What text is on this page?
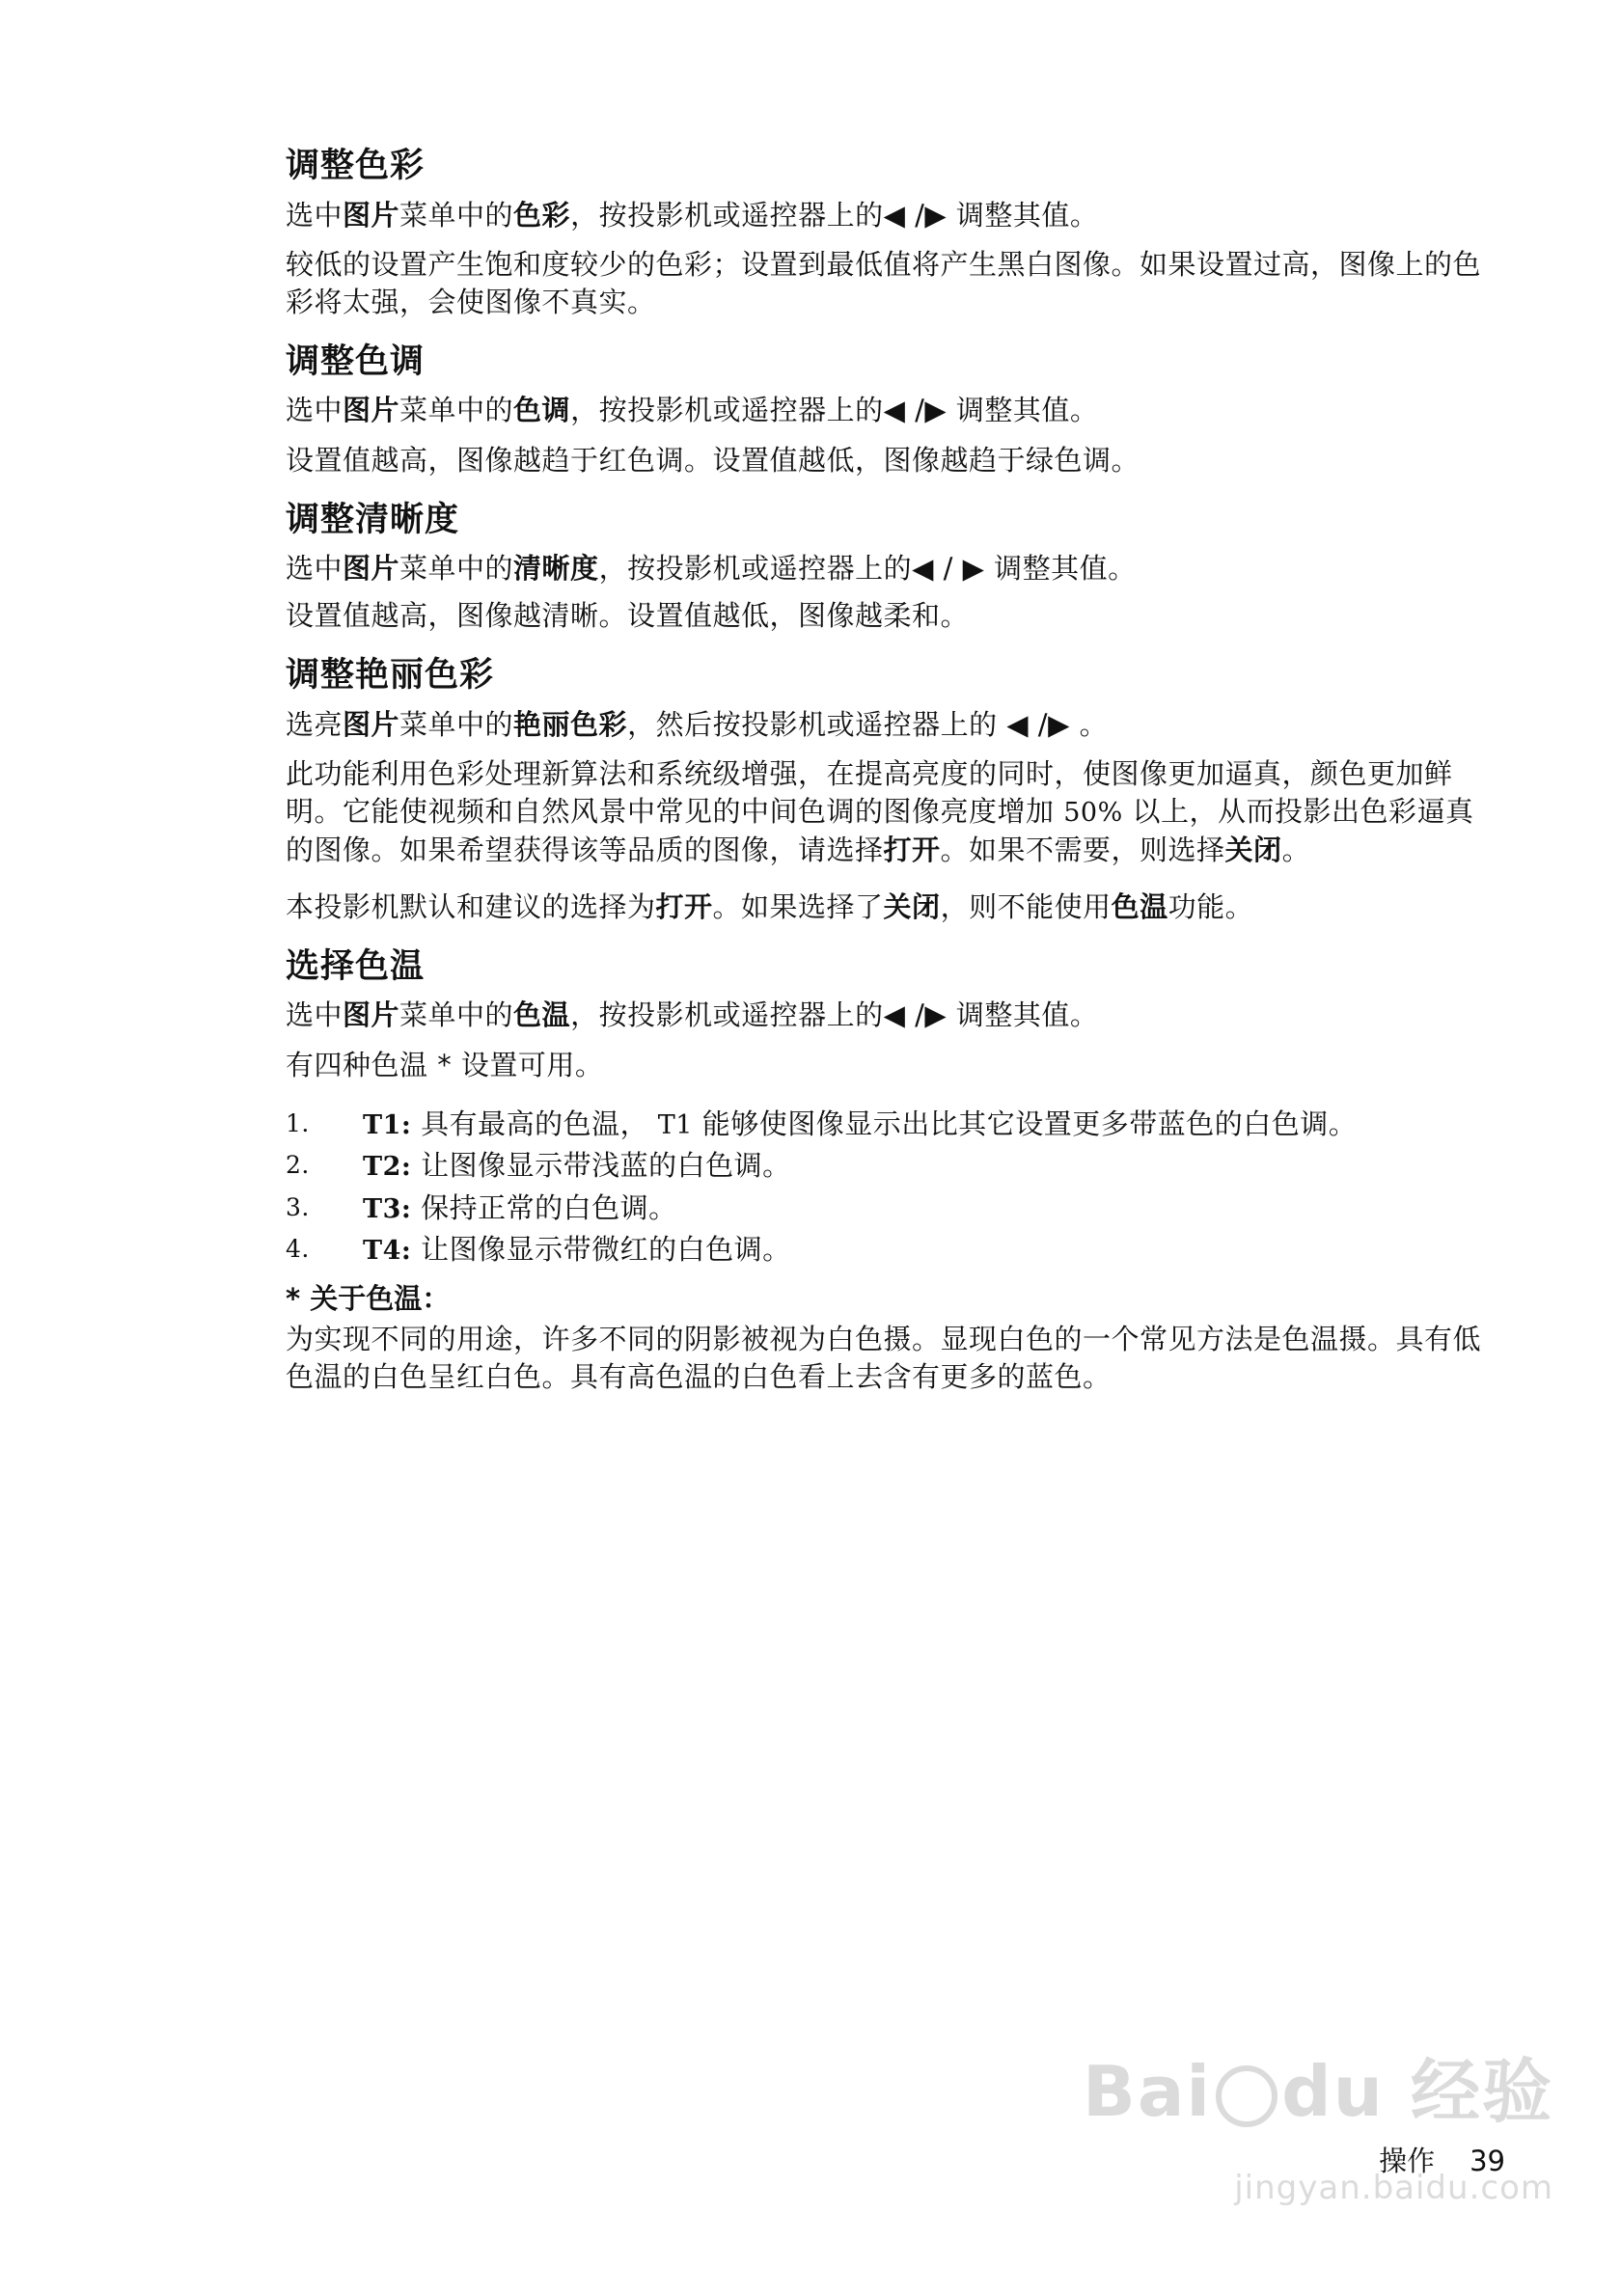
调整色彩

选中图片菜单中的色彩，按投影机或遥控器上的◀ /▶ 调整其值。

较低的设置产生饱和度较少的色彩；设置到最低值将产生黑白图像。如果设置过高，图像上的色彩将太强，会使图像不真实。

调整色调

选中图片菜单中的色调，按投影机或遥控器上的◀ /▶ 调整其值。

设置值越高，图像越趋于红色调。设置值越低，图像越趋于绿色调。

调整清晰度

选中图片菜单中的清晰度，按投影机或遥控器上的◀ / ▶ 调整其值。

设置值越高，图像越清晰。设置值越低，图像越柔和。

调整艳丽色彩

选亮图片菜单中的艳丽色彩，然后按投影机或遥控器上的 ◀ /▶ 。

此功能利用色彩处理新算法和系统级增强，在提高亮度的同时，使图像更加逼真，颜色更加鲜明。它能使视频和自然风景中常见的中间色调的图像亮度增加 50% 以上，从而投影出色彩逼真的图像。如果希望获得该等品质的图像，请选择打开。如果不需要，则选择关闭。

本投影机默认和建议的选择为打开。如果选择了关闭，则不能使用色温功能。

选择色温

选中图片菜单中的色温，按投影机或遥控器上的◀ /▶ 调整其值。

有四种色温 * 设置可用。

1.	T1: 具有最高的色温， T1 能够使图像显示出比其它设置更多带蓝色的白色调。
2.	T2: 让图像显示带浅蓝的白色调。
3.	T3: 保持正常的白色调。
4.	T4: 让图像显示带微红的白色调。
* 关于色温：

为实现不同的用途，许多不同的阴影被视为白色摄。显现白色的一个常见方法是色温摄。具有低色温的白色呈红白色。具有高色温的白色看上去含有更多的蓝色。

Bai du 经验
jingyan.baidu.com
操作 39
